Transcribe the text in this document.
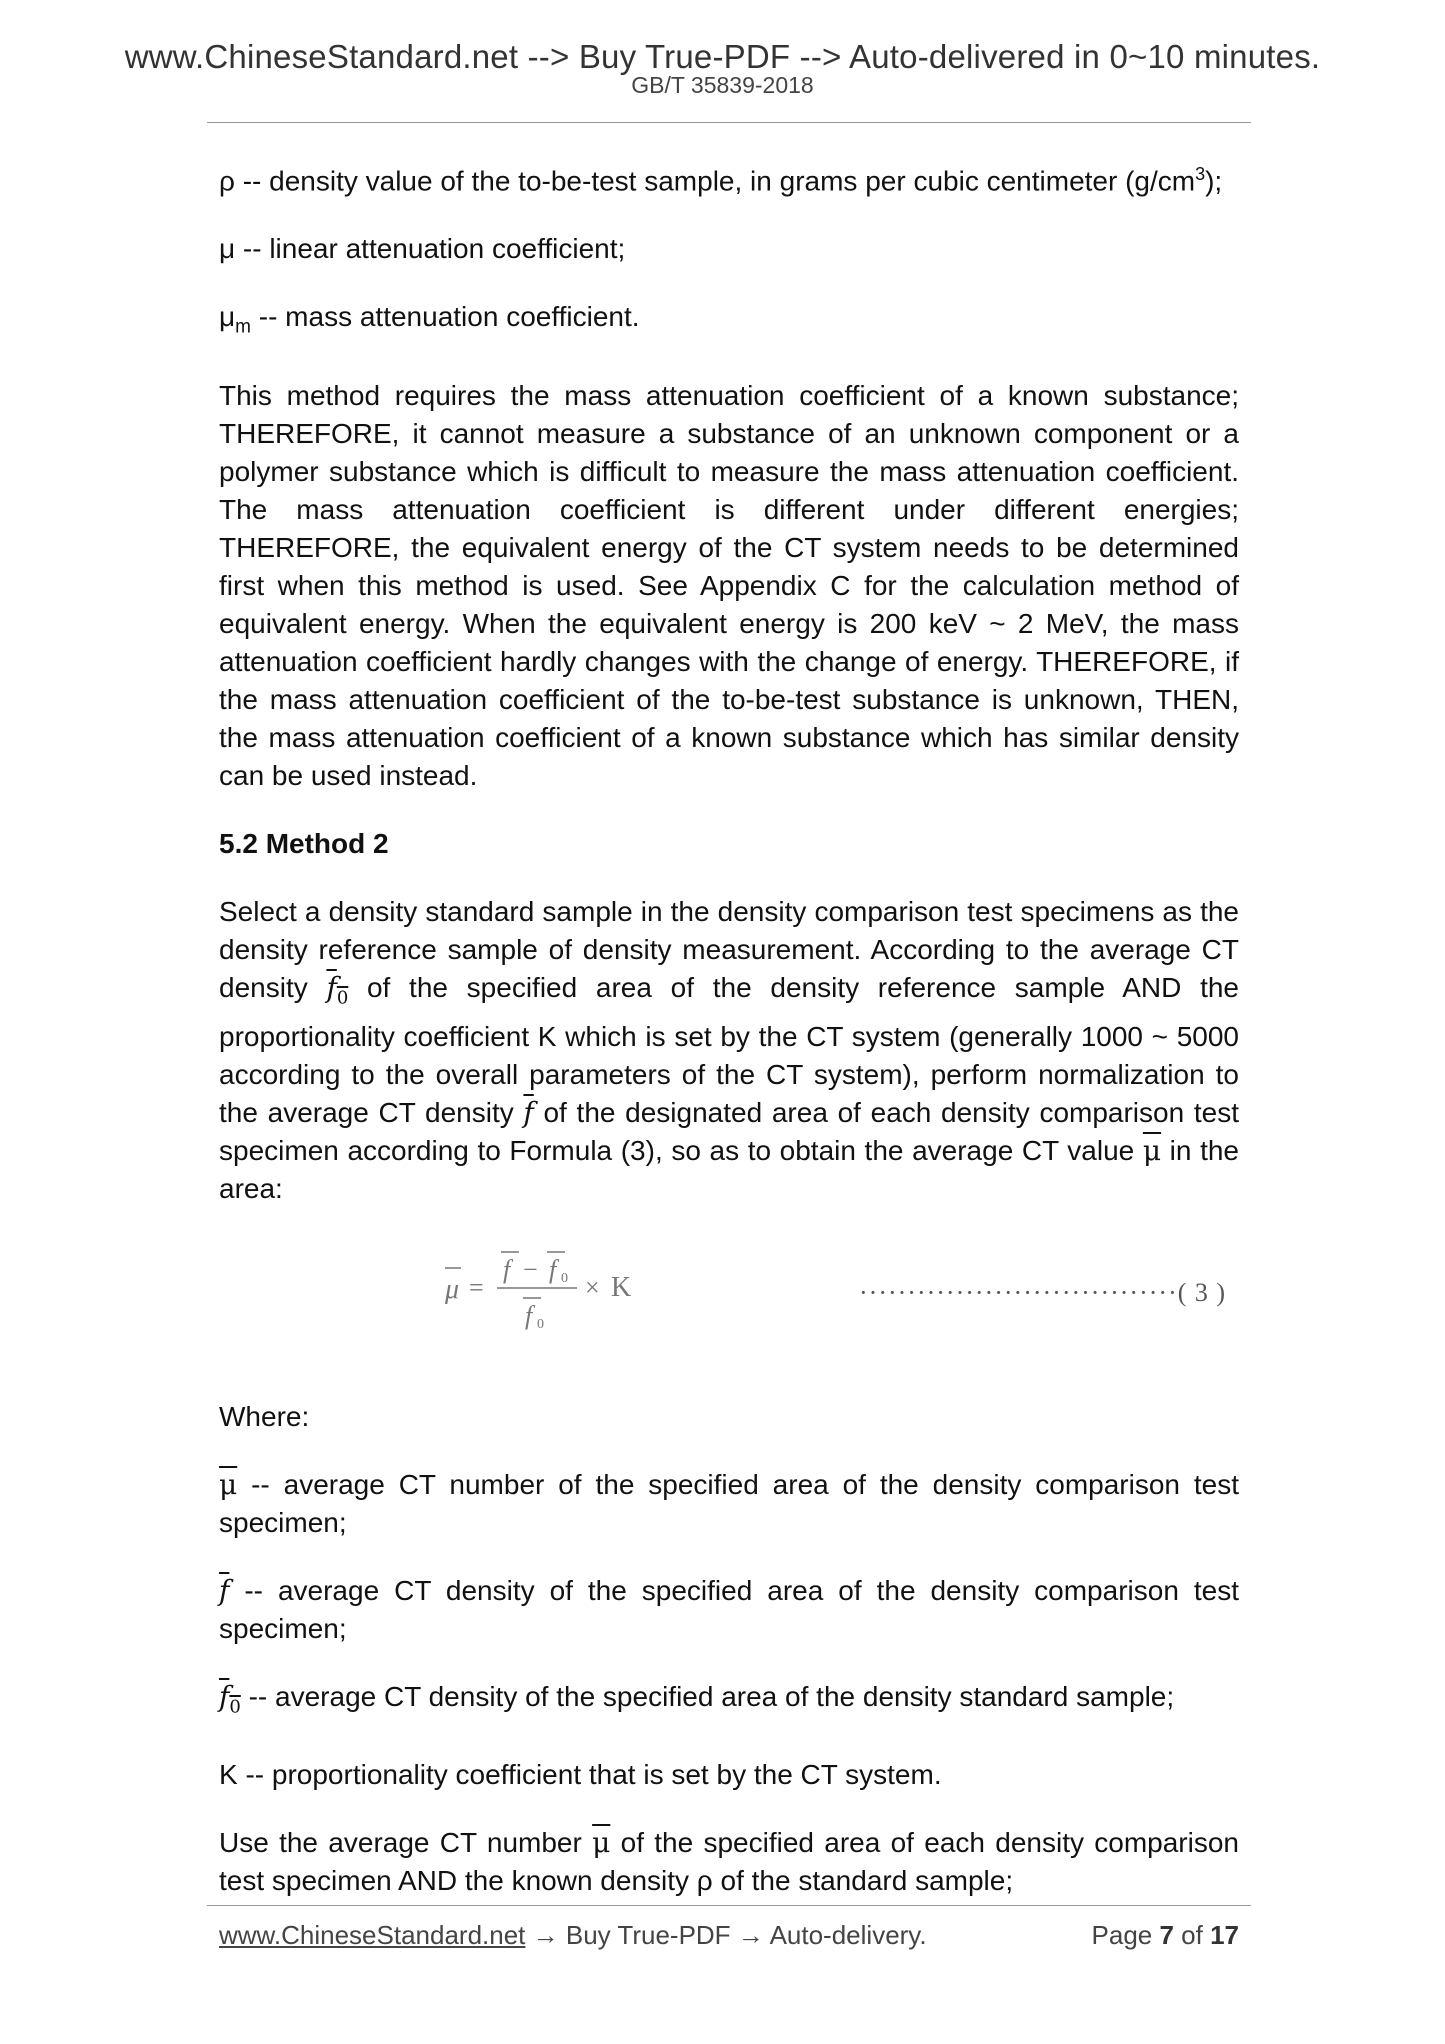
www.ChineseStandard.net --> Buy True-PDF --> Auto-delivered in 0~10 minutes.
GB/T 35839-2018

ρ -- density value of the to-be-test sample, in grams per cubic centimeter $(g/cm^3)$;

μ -- linear attenuation coefficient;

$\mu_m$ -- mass attenuation coefficient.

This method requires the mass attenuation coefficient of a known substance; THEREFORE, it cannot measure a substance of an unknown component or a polymer substance which is difficult to measure the mass attenuation coefficient. The mass attenuation coefficient is different under different energies; THEREFORE, the equivalent energy of the CT system needs to be determined first when this method is used. See Appendix C for the calculation method of equivalent energy. When the equivalent energy is 200 keV ~ 2 MeV, the mass attenuation coefficient hardly changes with the change of energy. THEREFORE, if the mass attenuation coefficient of the to-be-test substance is unknown, THEN, the mass attenuation coefficient of a known substance which has similar density can be used instead.

5.2 Method 2

Select a density standard sample in the density comparison test specimens as the density reference sample of density measurement. According to the average CT density $f_0$ of the specified area of the density reference sample AND the proportionality coefficient K which is set by the CT system (generally 1000 ~ 5000 according to the overall parameters of the CT system), perform normalization to the average CT density $\overline{f}$ of the designated area of each density comparison test specimen according to Formula (3), so as to obtain the average CT value $\overline{\mu}$ in the area:

μ =
f − f 0
f 0
× K	·································( 3 )

Where:

$\overline{\mu}$ -- average CT number of the specified area of the density comparison test specimen;

$\overline{f}$ -- average CT density of the specified area of the density comparison test specimen;

$f_0$ -- average CT density of the specified area of the density standard sample;

K -- proportionality coefficient that is set by the CT system.

Use the average CT number $\overline{\mu}$ of the specified area of each density comparison test specimen AND the known density ρ of the standard sample;

www.ChineseStandard.net → Buy True-PDF → Auto-delivery.	Page 7 of 17
